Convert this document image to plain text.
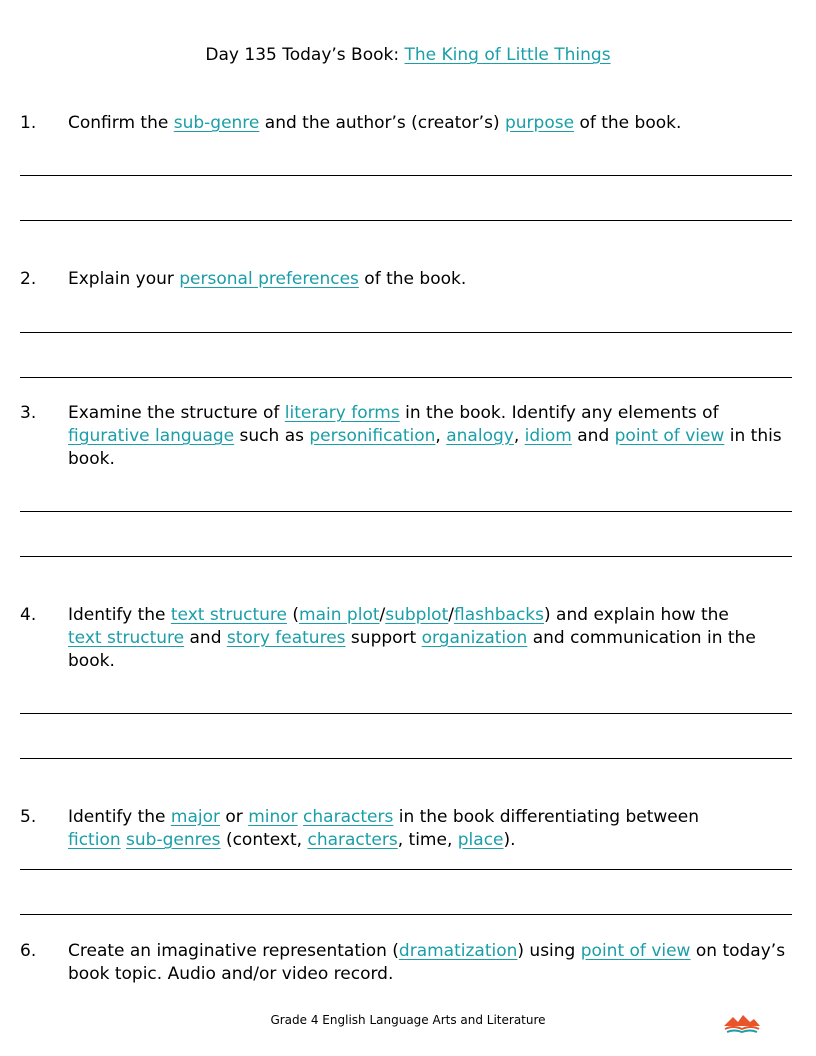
Day 135 Today’s Book: The King of Little Things
1. Confirm the sub-genre and the author’s (creator’s) purpose of the book.
2. Explain your personal preferences of the book.
3. Examine the structure of literary forms in the book. Identify any elements of
figurative language such as personification, analogy, idiom and point of view in this
book.
4. Identify the text structure (main plot/subplot/flashbacks) and explain how the
text structure and story features support organization and communication in the
book.
5. Identify the major or minor characters in the book differentiating between
fiction sub-genres (context, characters, time, place).
6. Create an imaginative representation (dramatization) using point of view on today’s
book topic. Audio and/or video record.
Grade 4 English Language Arts and Literature
